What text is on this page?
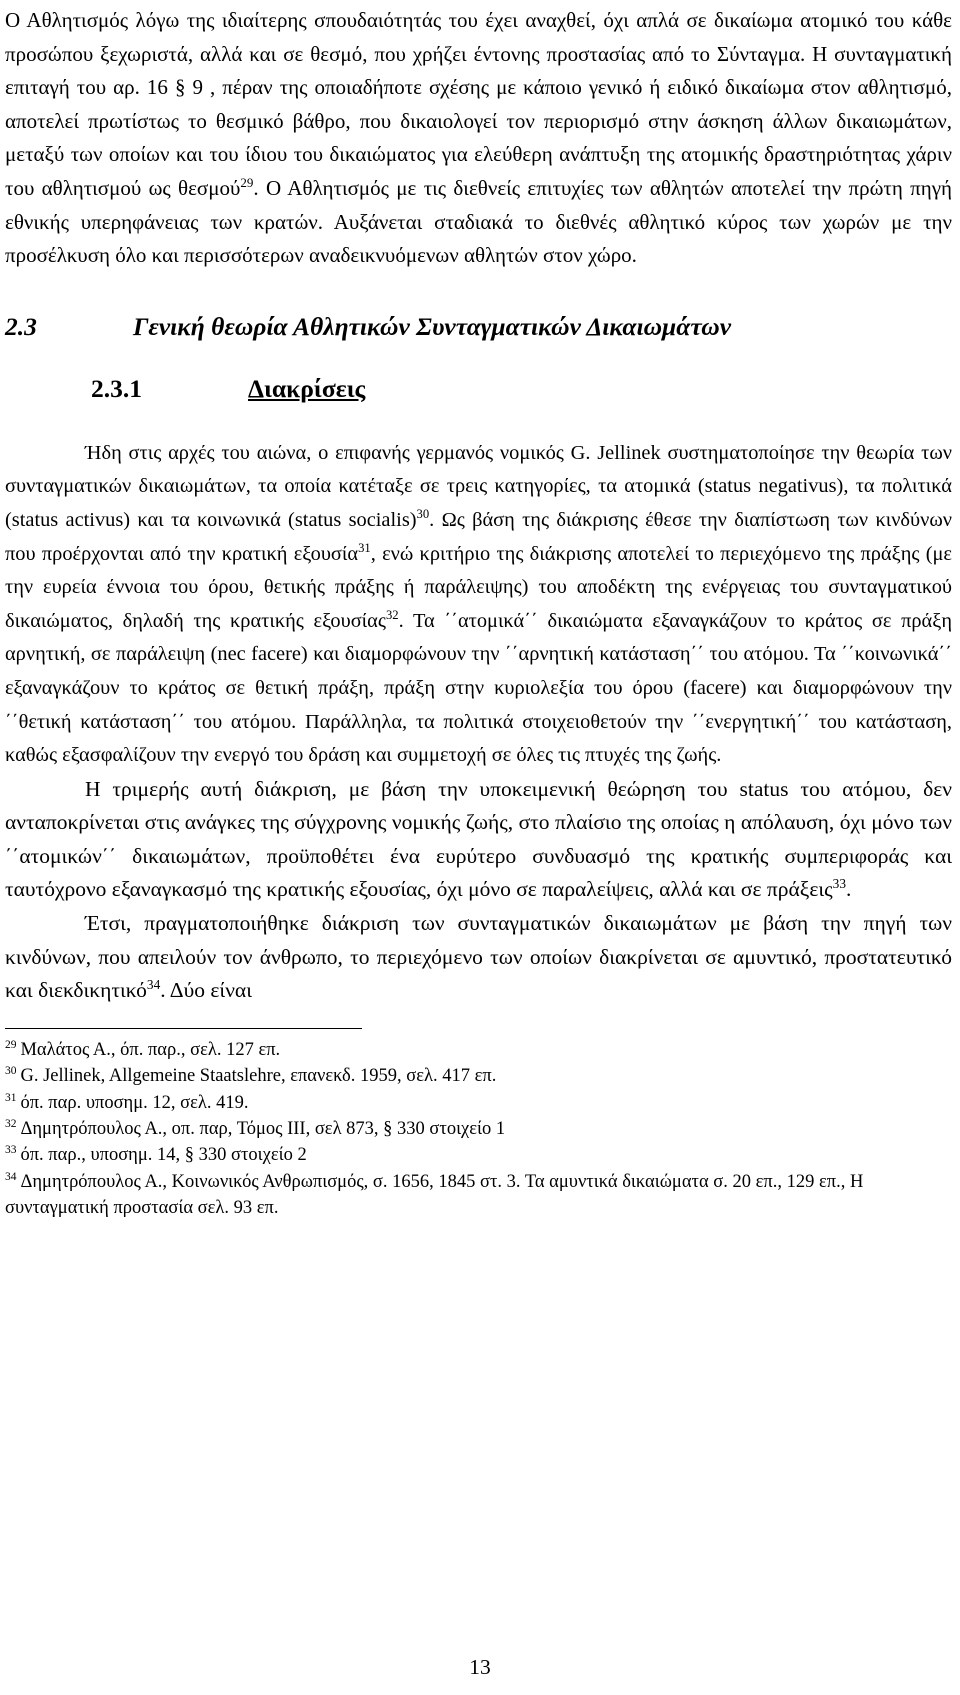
Ο Αθλητισμός λόγω της ιδιαίτερης σπουδαιότητάς του έχει αναχθεί, όχι απλά σε δικαίωμα ατομικό του κάθε προσώπου ξεχωριστά, αλλά και σε θεσμό, που χρήζει έντονης προστασίας από το Σύνταγμα. Η συνταγματική επιταγή του αρ. 16 § 9 , πέραν της οποιαδήποτε σχέσης με κάποιο γενικό ή ειδικό δικαίωμα στον αθλητισμό, αποτελεί πρωτίστως το θεσμικό βάθρο, που δικαιολογεί τον περιορισμό στην άσκηση άλλων δικαιωμάτων, μεταξύ των οποίων και του ίδιου του δικαιώματος για ελεύθερη ανάπτυξη της ατομικής δραστηριότητας χάριν του αθλητισμού ως θεσμού$^{29}$. Ο Αθλητισμός με τις διεθνείς επιτυχίες των αθλητών αποτελεί την πρώτη πηγή εθνικής υπερηφάνειας των κρατών. Αυξάνεται σταδιακά το διεθνές αθλητικό κύρος των χωρών με την προσέλκυση όλο και περισσότερων αναδεικνυόμενων αθλητών στον χώρο.

2.3	Γενική θεωρία Αθλητικών Συνταγματικών Δικαιωμάτων
2.3.1	Διακρίσεις

Ήδη στις αρχές του αιώνα, ο επιφανής γερμανός νομικός G. Jellinek συστηματοποίησε την θεωρία των συνταγματικών δικαιωμάτων, τα οποία κατέταξε σε τρεις κατηγορίες, τα ατομικά (status negativus), τα πολιτικά (status activus) και τα κοινωνικά (status socialis)$^{30}$. Ως βάση της διάκρισης έθεσε την διαπίστωση των κινδύνων που προέρχονται από την κρατική εξουσία$^{31}$, ενώ κριτήριο της διάκρισης αποτελεί το περιεχόμενο της πράξης (με την ευρεία έννοια του όρου, θετικής πράξης ή παράλειψης) του αποδέκτη της ενέργειας του συνταγματικού δικαιώματος, δηλαδή της κρατικής εξουσίας$^{32}$. Τα ΄΄ατομικά΄΄ δικαιώματα εξαναγκάζουν το κράτος σε πράξη αρνητική, σε παράλειψη (nec facere) και διαμορφώνουν την ΄΄αρνητική κατάσταση΄΄ του ατόμου. Τα ΄΄κοινωνικά΄΄ εξαναγκάζουν το κράτος σε θετική πράξη, πράξη στην κυριολεξία του όρου (facere) και διαμορφώνουν την ΄΄θετική κατάσταση΄΄ του ατόμου. Παράλληλα, τα πολιτικά στοιχειοθετούν την ΄΄ενεργητική΄΄ του κατάσταση, καθώς εξασφαλίζουν την ενεργό του δράση και συμμετοχή σε όλες τις πτυχές της ζωής.

Η τριμερής αυτή διάκριση, με βάση την υποκειμενική θεώρηση του status του ατόμου, δεν ανταποκρίνεται στις ανάγκες της σύγχρονης νομικής ζωής, στο πλαίσιο της οποίας η απόλαυση, όχι μόνο των ΄΄ατομικών΄΄ δικαιωμάτων, προϋποθέτει ένα ευρύτερο συνδυασμό της κρατικής συμπεριφοράς και ταυτόχρονο εξαναγκασμό της κρατικής εξουσίας, όχι μόνο σε παραλείψεις, αλλά και σε πράξεις$^{33}$.

Έτσι, πραγματοποιήθηκε διάκριση των συνταγματικών δικαιωμάτων με βάση την πηγή των κινδύνων, που απειλούν τον άνθρωπο, το περιεχόμενο των οποίων διακρίνεται σε αμυντικό, προστατευτικό και διεκδικητικό$^{34}$. Δύο είναι

$^{29}$ Μαλάτος Α., όπ. παρ., σελ. 127 επ.

$^{30}$ G. Jellinek, Allgemeine Staatslehre, επανεκδ. 1959, σελ. 417 επ.

$^{31}$ όπ. παρ. υποσημ. 12, σελ. 419.

$^{32}$ Δημητρόπουλος Α., οπ. παρ, Τόμος ΙΙΙ, σελ 873, § 330 στοιχείο 1

$^{33}$ όπ. παρ., υποσημ. 14, § 330 στοιχείο 2

$^{34}$ Δημητρόπουλος Α., Κοινωνικός Ανθρωπισμός, σ. 1656, 1845 στ. 3. Τα αμυντικά δικαιώματα σ. 20 επ., 129 επ., Η συνταγματική προστασία σελ. 93 επ.

13
